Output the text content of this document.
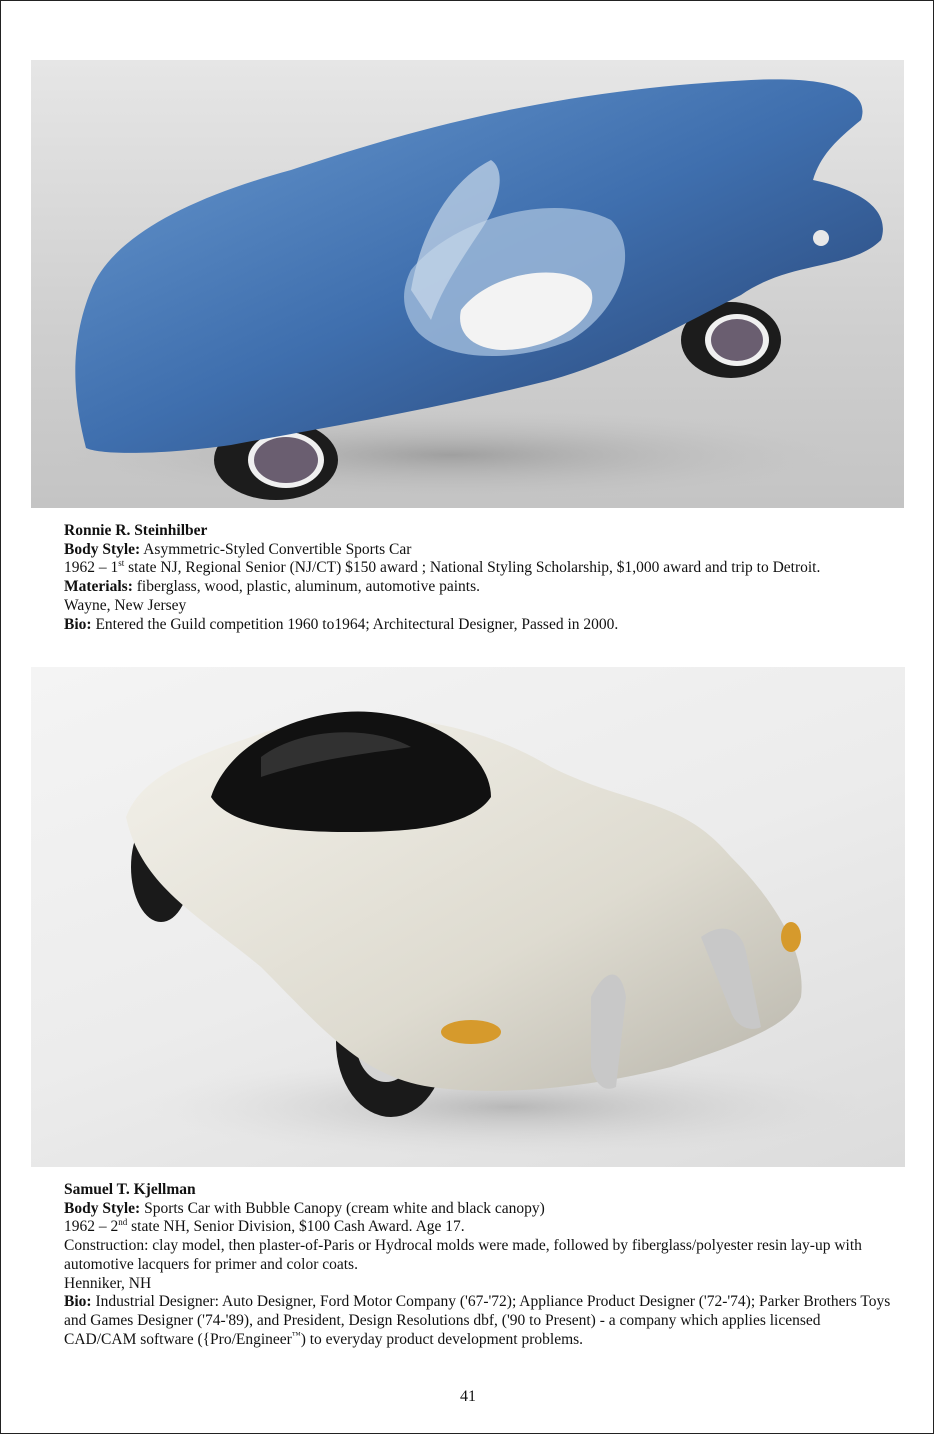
Ronnie R. Steinhilber
Body Style: Asymmetric-Styled Convertible Sports Car
1962 – 1st state NJ, Regional Senior (NJ/CT) $150 award ; National Styling Scholarship, $1,000 award and trip to Detroit.
Materials: fiberglass, wood, plastic, aluminum, automotive paints.
Wayne, New Jersey
Bio: Entered the Guild competition 1960 to1964; Architectural Designer, Passed in 2000.
Samuel T. Kjellman
Body Style: Sports Car with Bubble Canopy (cream white and black canopy)
1962 – 2nd state NH, Senior Division, $100 Cash Award. Age 17.
Construction: clay model, then plaster-of-Paris or Hydrocal molds were made, followed by fiberglass/polyester resin lay-up with automotive lacquers for primer and color coats.
Henniker, NH
Bio: Industrial Designer: Auto Designer, Ford Motor Company ('67-'72); Appliance Product Designer ('72-'74); Parker Brothers Toys and Games Designer ('74-'89), and President, Design Resolutions dbf, ('90 to Present) - a company which applies licensed CAD/CAM software ({Pro/Engineer™) to everyday product development problems.
41
